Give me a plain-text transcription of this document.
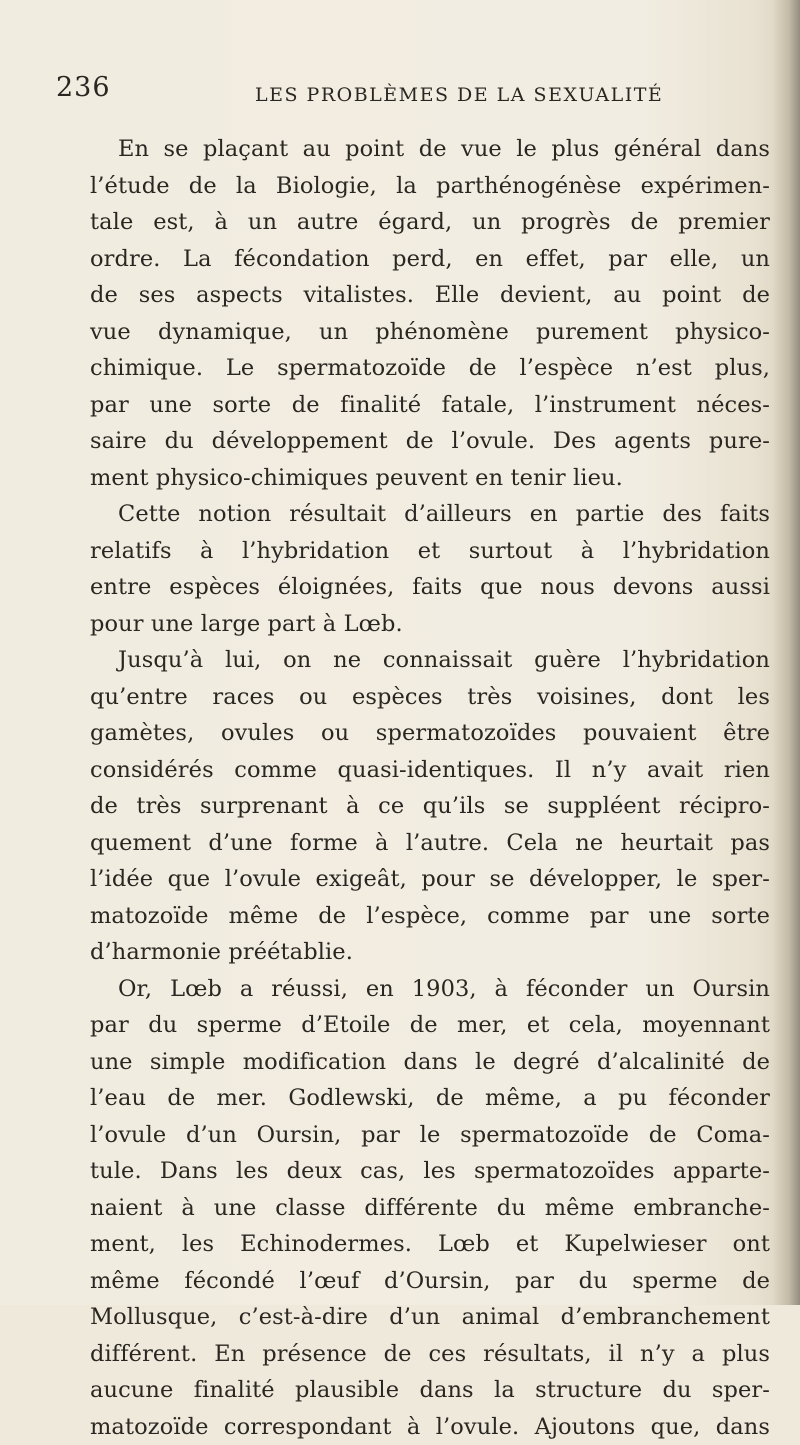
236	LES PROBLÈMES DE LA SEXUALITÉ
En se plaçant au point de vue le plus général dans
l’étude de la Biologie, la parthénogénèse expérimen-
tale est, à un autre égard, un progrès de premier
ordre. La fécondation perd, en effet, par elle, un
de ses aspects vitalistes. Elle devient, au point de
vue dynamique, un phénomène purement physico-
chimique. Le spermatozoïde de l’espèce n’est plus,
par une sorte de finalité fatale, l’instrument néces-
saire du développement de l’ovule. Des agents pure-
ment physico-chimiques peuvent en tenir lieu.
Cette notion résultait d’ailleurs en partie des faits
relatifs à l’hybridation et surtout à l’hybridation
entre espèces éloignées, faits que nous devons aussi
pour une large part à Lœb.
Jusqu’à lui, on ne connaissait guère l’hybridation
qu’entre races ou espèces très voisines, dont les
gamètes, ovules ou spermatozoïdes pouvaient être
considérés comme quasi-identiques. Il n’y avait rien
de très surprenant à ce qu’ils se suppléent récipro-
quement d’une forme à l’autre. Cela ne heurtait pas
l’idée que l’ovule exigeât, pour se développer, le sper-
matozoïde même de l’espèce, comme par une sorte
d’harmonie préétablie.
Or, Lœb a réussi, en 1903, à féconder un Oursin
par du sperme d’Etoile de mer, et cela, moyennant
une simple modification dans le degré d’alcalinité de
l’eau de mer. Godlewski, de même, a pu féconder
l’ovule d’un Oursin, par le spermatozoïde de Coma-
tule. Dans les deux cas, les spermatozoïdes apparte-
naient à une classe différente du même embranche-
ment, les Echinodermes. Lœb et Kupelwieser ont
même fécondé l’œuf d’Oursin, par du sperme de
Mollusque, c’est-à-dire d’un animal d’embranchement
différent. En présence de ces résultats, il n’y a plus
aucune finalité plausible dans la structure du sper-
matozoïde correspondant à l’ovule. Ajoutons que, dans
